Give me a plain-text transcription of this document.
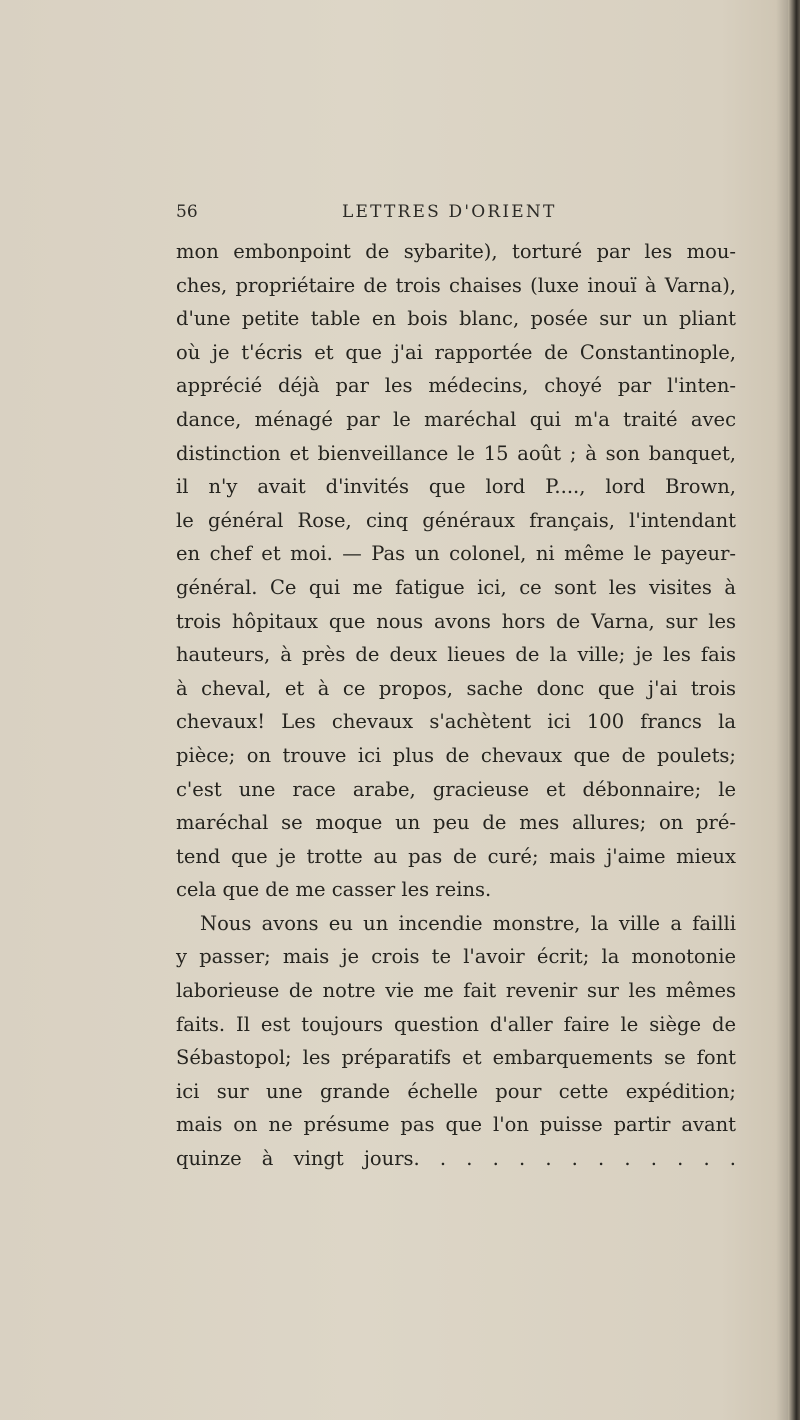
56	LETTRES D'ORIENT
mon embonpoint de sybarite), torturé par les mou-
ches, propriétaire de trois chaises (luxe inouï à Varna),
d'une petite table en bois blanc, posée sur un pliant
où je t'écris et que j'ai rapportée de Constantinople,
apprécié déjà par les médecins, choyé par l'inten-
dance, ménagé par le maréchal qui m'a traité avec
distinction et bienveillance le 15 août ; à son banquet,
il n'y avait d'invités que lord P...., lord Brown,
le général Rose, cinq généraux français, l'intendant
en chef et moi. — Pas un colonel, ni même le payeur-
général. Ce qui me fatigue ici, ce sont les visites à
trois hôpitaux que nous avons hors de Varna, sur les
hauteurs, à près de deux lieues de la ville; je les fais
à cheval, et à ce propos, sache donc que j'ai trois
chevaux! Les chevaux s'achètent ici 100 francs la
pièce; on trouve ici plus de chevaux que de poulets;
c'est une race arabe, gracieuse et débonnaire; le
maréchal se moque un peu de mes allures; on pré-
tend que je trotte au pas de curé; mais j'aime mieux
cela que de me casser les reins.
Nous avons eu un incendie monstre, la ville a failli
y passer; mais je crois te l'avoir écrit; la monotonie
laborieuse de notre vie me fait revenir sur les mêmes
faits. Il est toujours question d'aller faire le siège de
Sébastopol; les préparatifs et embarquements se font
ici sur une grande échelle pour cette expédition;
mais on ne présume pas que l'on puisse partir avant
quinze à vingt jours. . . . . . . . . . . . .
